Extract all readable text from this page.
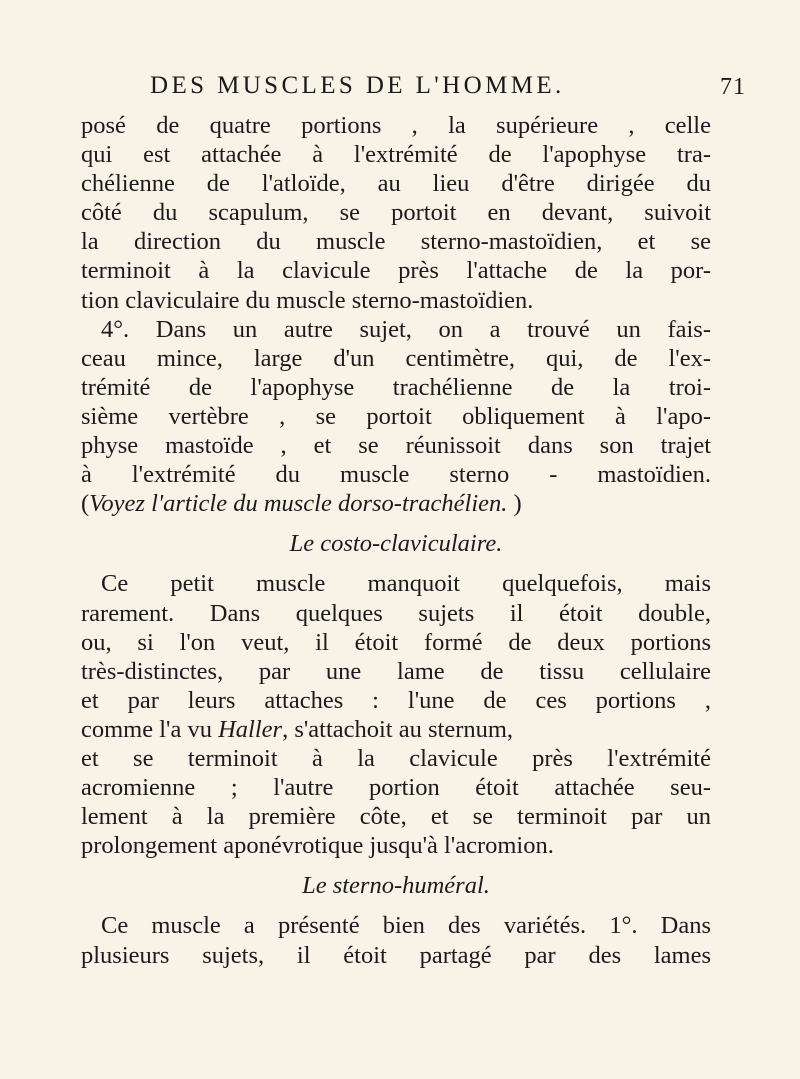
DES MUSCLES DE L'HOMME.	71
posé de quatre portions , la supérieure , celle
qui est attachée à l'extrémité de l'apophyse tra-
chélienne de l'atloïde, au lieu d'être dirigée du
côté du scapulum, se portoit en devant, suivoit
la direction du muscle sterno-mastoïdien, et se
terminoit à la clavicule près l'attache de la por-
tion claviculaire du muscle sterno-mastoïdien.
4°. Dans un autre sujet, on a trouvé un fais-
ceau mince, large d'un centimètre, qui, de l'ex-
trémité de l'apophyse trachélienne de la troi-
sième vertèbre , se portoit obliquement à l'apo-
physe mastoïde , et se réunissoit dans son trajet
à l'extrémité du muscle sterno - mastoïdien.
(Voyez l'article du muscle dorso-trachélien. )
Le costo-claviculaire.
Ce petit muscle manquoit quelquefois, mais
rarement. Dans quelques sujets il étoit double,
ou, si l'on veut, il étoit formé de deux portions
très-distinctes, par une lame de tissu cellulaire
et par leurs attaches : l'une de ces portions ,
comme l'a vu Haller, s'attachoit au sternum,
et se terminoit à la clavicule près l'extrémité
acromienne ; l'autre portion étoit attachée seu-
lement à la première côte, et se terminoit par un
prolongement aponévrotique jusqu'à l'acromion.
Le sterno-huméral.
Ce muscle a présenté bien des variétés. 1°. Dans
plusieurs sujets, il étoit partagé par des lames
